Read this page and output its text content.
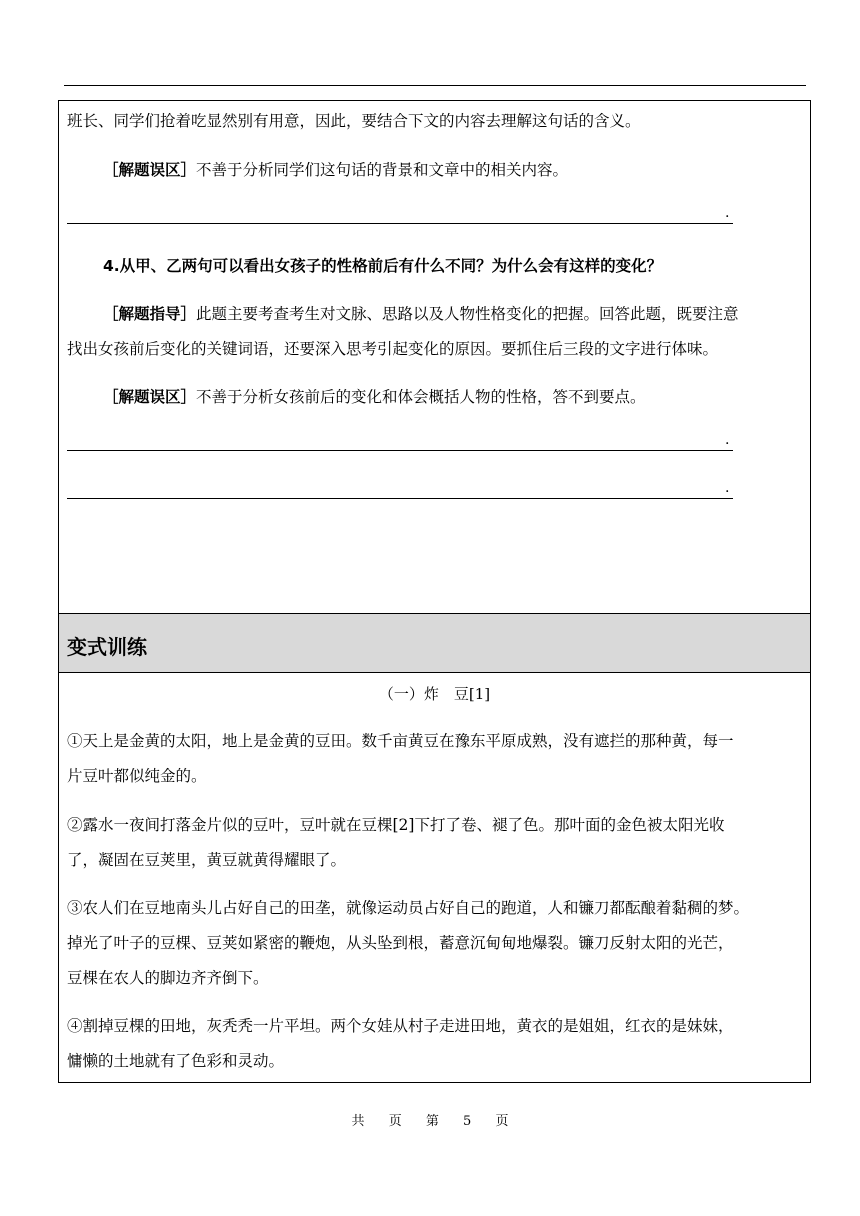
班长、同学们抢着吃显然别有用意，因此，要结合下文的内容去理解这句话的含义。
［解题误区］不善于分析同学们这句话的背景和文章中的相关内容。
.
4.从甲、乙两句可以看出女孩子的性格前后有什么不同？为什么会有这样的变化？
［解题指导］此题主要考查考生对文脉、思路以及人物性格变化的把握。回答此题，既要注意
找出女孩前后变化的关键词语，还要深入思考引起变化的原因。要抓住后三段的文字进行体味。
［解题误区］不善于分析女孩前后的变化和体会概括人物的性格，答不到要点。
.
.
变式训练
（一）炸　豆[1]
①天上是金黄的太阳，地上是金黄的豆田。数千亩黄豆在豫东平原成熟，没有遮拦的那种黄，每一
片豆叶都似纯金的。
②露水一夜间打落金片似的豆叶，豆叶就在豆棵[2]下打了卷、褪了色。那叶面的金色被太阳光收
了，凝固在豆荚里，黄豆就黄得耀眼了。
③农人们在豆地南头儿占好自己的田垄，就像运动员占好自己的跑道，人和镰刀都酝酿着黏稠的梦。
掉光了叶子的豆棵、豆荚如紧密的鞭炮，从头坠到根，蓄意沉甸甸地爆裂。镰刀反射太阳的光芒，
豆棵在农人的脚边齐齐倒下。
④割掉豆棵的田地，灰秃秃一片平坦。两个女娃从村子走进田地，黄衣的是姐姐，红衣的是妹妹，
慵懒的土地就有了色彩和灵动。
共 页 第 5 页
